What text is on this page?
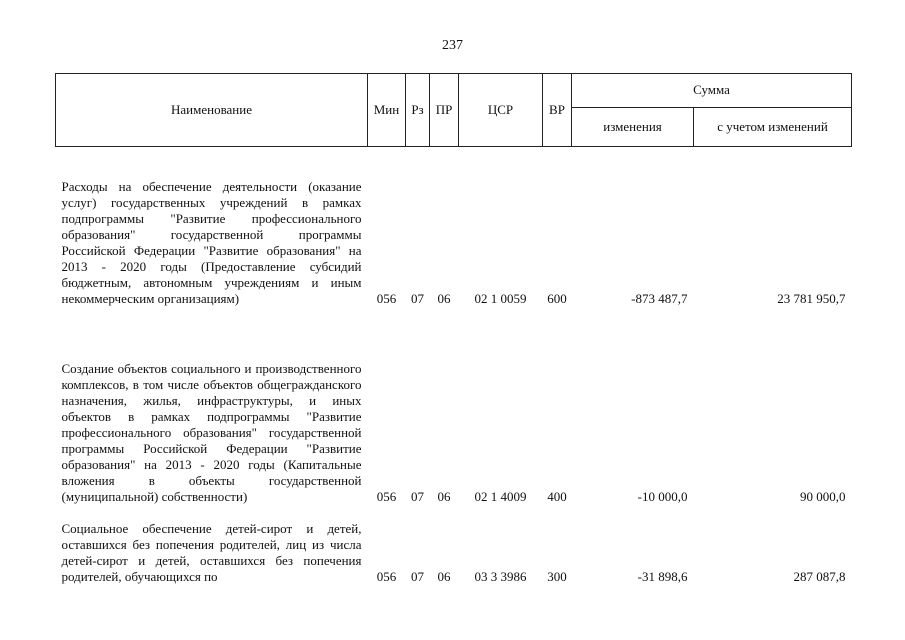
237
Наименование	Мин	Рз	ПР	ЦСР	ВР	Сумма	
						изменения	с учетом изменений

Расходы на обеспечение деятельности (оказание услуг) государственных учреждений в рамках подпрограммы "Развитие профессионального образования" государственной программы Российской Федерации "Развитие образования" на 2013 - 2020 годы (Предоставление субсидий бюджетным, автономным учреждениям и иным некоммерческим организациям)	056	07	06	02 1 0059	600	-873 487,7	23 781 950,7

Создание объектов социального и производственного комплексов, в том числе объектов общегражданского назначения, жилья, инфраструктуры, и иных объектов в рамках подпрограммы "Развитие профессионального образования" государственной программы Российской Федерации "Развитие образования" на 2013 - 2020 годы (Капитальные вложения в объекты государственной (муниципальной) собственности)	056	07	06	02 1 4009	400	-10 000,0	90 000,0

Социальное обеспечение детей-сирот и детей, оставшихся без попечения родителей, лиц из числа детей-сирот и детей, оставшихся без попечения родителей, обучающихся по	056	07	06	03 3 3986	300	-31 898,6	287 087,8
